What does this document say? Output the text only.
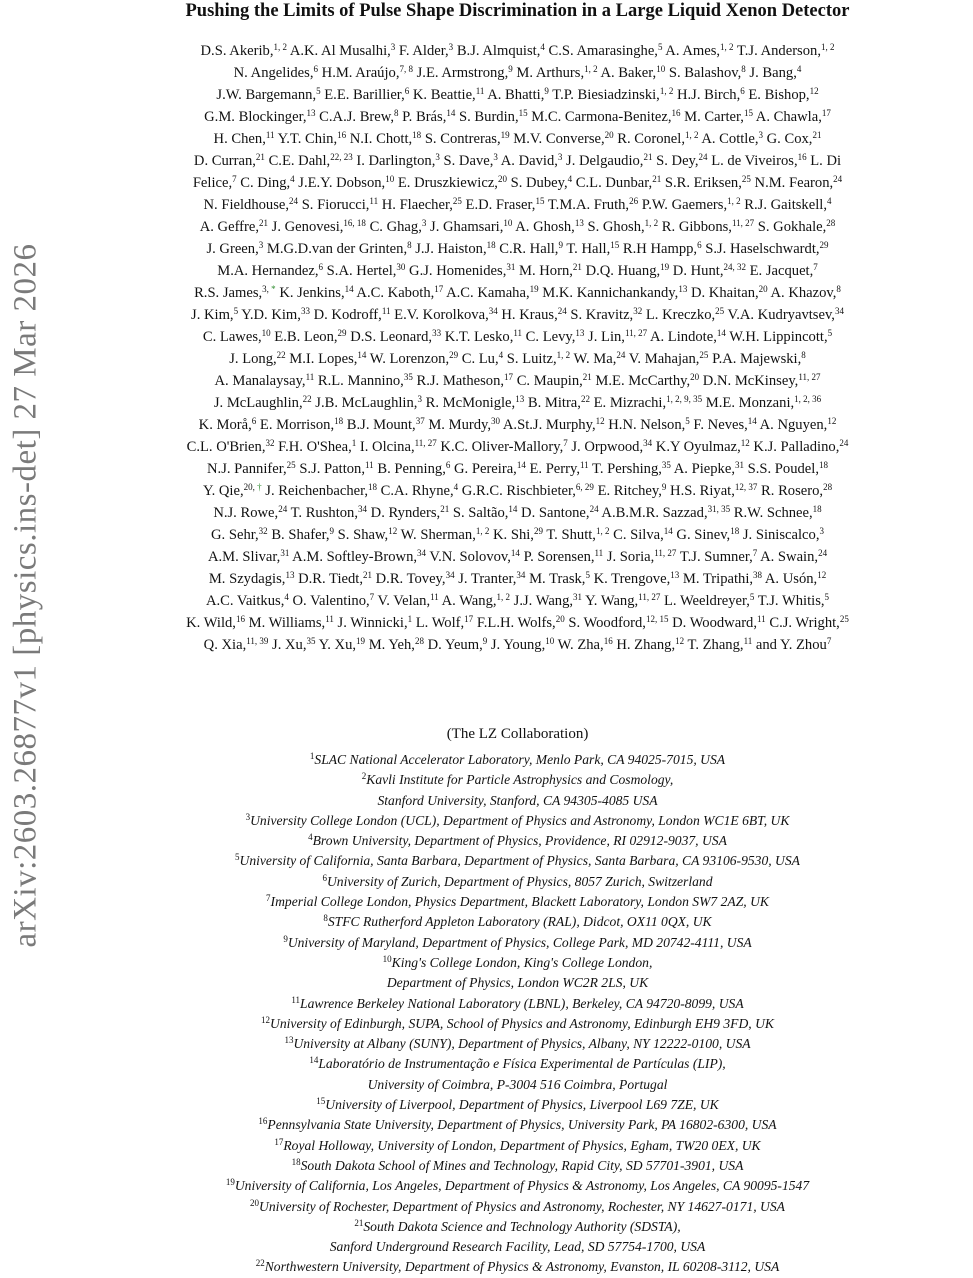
arXiv:2603.26877v1 [physics.ins-det] 27 Mar 2026
Pushing the Limits of Pulse Shape Discrimination in a Large Liquid Xenon Detector
D.S. Akerib,$^{1, 2}$ A.K. Al Musalhi,$^3$ F. Alder,$^3$ B.J. Almquist,$^4$ C.S. Amarasinghe,$^5$ A. Ames,$^{1, 2}$ T.J. Anderson,$^{1, 2}$
N. Angelides,$^6$ H.M. Araújo,$^{7, 8}$ J.E. Armstrong,$^9$ M. Arthurs,$^{1, 2}$ A. Baker,$^{10}$ S. Balashov,$^8$ J. Bang,$^4$
J.W. Bargemann,$^5$ E.E. Barillier,$^6$ K. Beattie,$^{11}$ A. Bhatti,$^9$ T.P. Biesiadzinski,$^{1, 2}$ H.J. Birch,$^6$ E. Bishop,$^{12}$
G.M. Blockinger,$^{13}$ C.A.J. Brew,$^8$ P. Brás,$^{14}$ S. Burdin,$^{15}$ M.C. Carmona-Benitez,$^{16}$ M. Carter,$^{15}$ A. Chawla,$^{17}$
H. Chen,$^{11}$ Y.T. Chin,$^{16}$ N.I. Chott,$^{18}$ S. Contreras,$^{19}$ M.V. Converse,$^{20}$ R. Coronel,$^{1, 2}$ A. Cottle,$^3$ G. Cox,$^{21}$
D. Curran,$^{21}$ C.E. Dahl,$^{22, 23}$ I. Darlington,$^3$ S. Dave,$^3$ A. David,$^3$ J. Delgaudio,$^{21}$ S. Dey,$^{24}$ L. de Viveiros,$^{16}$ L. Di
Felice,$^7$ C. Ding,$^4$ J.E.Y. Dobson,$^{10}$ E. Druszkiewicz,$^{20}$ S. Dubey,$^4$ C.L. Dunbar,$^{21}$ S.R. Eriksen,$^{25}$ N.M. Fearon,$^{24}$
N. Fieldhouse,$^{24}$ S. Fiorucci,$^{11}$ H. Flaecher,$^{25}$ E.D. Fraser,$^{15}$ T.M.A. Fruth,$^{26}$ P.W. Gaemers,$^{1, 2}$ R.J. Gaitskell,$^4$
A. Geffre,$^{21}$ J. Genovesi,$^{16, 18}$ C. Ghag,$^3$ J. Ghamsari,$^{10}$ A. Ghosh,$^{13}$ S. Ghosh,$^{1, 2}$ R. Gibbons,$^{11, 27}$ S. Gokhale,$^{28}$
J. Green,$^3$ M.G.D.van der Grinten,$^8$ J.J. Haiston,$^{18}$ C.R. Hall,$^9$ T. Hall,$^{15}$ R.H Hampp,$^6$ S.J. Haselschwardt,$^{29}$
M.A. Hernandez,$^6$ S.A. Hertel,$^{30}$ G.J. Homenides,$^{31}$ M. Horn,$^{21}$ D.Q. Huang,$^{19}$ D. Hunt,$^{24, 32}$ E. Jacquet,$^7$
R.S. James,$^{3, *}$ K. Jenkins,$^{14}$ A.C. Kaboth,$^{17}$ A.C. Kamaha,$^{19}$ M.K. Kannichankandy,$^{13}$ D. Khaitan,$^{20}$ A. Khazov,$^8$
J. Kim,$^5$ Y.D. Kim,$^{33}$ D. Kodroff,$^{11}$ E.V. Korolkova,$^{34}$ H. Kraus,$^{24}$ S. Kravitz,$^{32}$ L. Kreczko,$^{25}$ V.A. Kudryavtsev,$^{34}$
C. Lawes,$^{10}$ E.B. Leon,$^{29}$ D.S. Leonard,$^{33}$ K.T. Lesko,$^{11}$ C. Levy,$^{13}$ J. Lin,$^{11, 27}$ A. Lindote,$^{14}$ W.H. Lippincott,$^5$
J. Long,$^{22}$ M.I. Lopes,$^{14}$ W. Lorenzon,$^{29}$ C. Lu,$^4$ S. Luitz,$^{1, 2}$ W. Ma,$^{24}$ V. Mahajan,$^{25}$ P.A. Majewski,$^8$
A. Manalaysay,$^{11}$ R.L. Mannino,$^{35}$ R.J. Matheson,$^{17}$ C. Maupin,$^{21}$ M.E. McCarthy,$^{20}$ D.N. McKinsey,$^{11, 27}$
J. McLaughlin,$^{22}$ J.B. McLaughlin,$^3$ R. McMonigle,$^{13}$ B. Mitra,$^{22}$ E. Mizrachi,$^{1, 2, 9, 35}$ M.E. Monzani,$^{1, 2, 36}$
K. Morå,$^6$ E. Morrison,$^{18}$ B.J. Mount,$^{37}$ M. Murdy,$^{30}$ A.St.J. Murphy,$^{12}$ H.N. Nelson,$^5$ F. Neves,$^{14}$ A. Nguyen,$^{12}$
C.L. O'Brien,$^{32}$ F.H. O'Shea,$^1$ I. Olcina,$^{11, 27}$ K.C. Oliver-Mallory,$^7$ J. Orpwood,$^{34}$ K.Y Oyulmaz,$^{12}$ K.J. Palladino,$^{24}$
N.J. Pannifer,$^{25}$ S.J. Patton,$^{11}$ B. Penning,$^6$ G. Pereira,$^{14}$ E. Perry,$^{11}$ T. Pershing,$^{35}$ A. Piepke,$^{31}$ S.S. Poudel,$^{18}$
Y. Qie,$^{20, \dagger}$ J. Reichenbacher,$^{18}$ C.A. Rhyne,$^4$ G.R.C. Rischbieter,$^{6, 29}$ E. Ritchey,$^9$ H.S. Riyat,$^{12, 37}$ R. Rosero,$^{28}$
N.J. Rowe,$^{24}$ T. Rushton,$^{34}$ D. Rynders,$^{21}$ S. Saltão,$^{14}$ D. Santone,$^{24}$ A.B.M.R. Sazzad,$^{31, 35}$ R.W. Schnee,$^{18}$
G. Sehr,$^{32}$ B. Shafer,$^9$ S. Shaw,$^{12}$ W. Sherman,$^{1, 2}$ K. Shi,$^{29}$ T. Shutt,$^{1, 2}$ C. Silva,$^{14}$ G. Sinev,$^{18}$ J. Siniscalco,$^3$
A.M. Slivar,$^{31}$ A.M. Softley-Brown,$^{34}$ V.N. Solovov,$^{14}$ P. Sorensen,$^{11}$ J. Soria,$^{11, 27}$ T.J. Sumner,$^7$ A. Swain,$^{24}$
M. Szydagis,$^{13}$ D.R. Tiedt,$^{21}$ D.R. Tovey,$^{34}$ J. Tranter,$^{34}$ M. Trask,$^5$ K. Trengove,$^{13}$ M. Tripathi,$^{38}$ A. Usón,$^{12}$
A.C. Vaitkus,$^4$ O. Valentino,$^7$ V. Velan,$^{11}$ A. Wang,$^{1, 2}$ J.J. Wang,$^{31}$ Y. Wang,$^{11, 27}$ L. Weeldreyer,$^5$ T.J. Whitis,$^5$
K. Wild,$^{16}$ M. Williams,$^{11}$ J. Winnicki,$^1$ L. Wolf,$^{17}$ F.L.H. Wolfs,$^{20}$ S. Woodford,$^{12, 15}$ D. Woodward,$^{11}$ C.J. Wright,$^{25}$
Q. Xia,$^{11, 39}$ J. Xu,$^{35}$ Y. Xu,$^{19}$ M. Yeh,$^{28}$ D. Yeum,$^9$ J. Young,$^{10}$ W. Zha,$^{16}$ H. Zhang,$^{12}$ T. Zhang,$^{11}$ and Y. Zhou$^7$
(The LZ Collaboration)
$^1$SLAC National Accelerator Laboratory, Menlo Park, CA 94025-7015, USA
$^2$Kavli Institute for Particle Astrophysics and Cosmology,
Stanford University, Stanford, CA 94305-4085 USA
$^3$University College London (UCL), Department of Physics and Astronomy, London WC1E 6BT, UK
$^4$Brown University, Department of Physics, Providence, RI 02912-9037, USA
$^5$University of California, Santa Barbara, Department of Physics, Santa Barbara, CA 93106-9530, USA
$^6$University of Zurich, Department of Physics, 8057 Zurich, Switzerland
$^7$Imperial College London, Physics Department, Blackett Laboratory, London SW7 2AZ, UK
$^8$STFC Rutherford Appleton Laboratory (RAL), Didcot, OX11 0QX, UK
$^9$University of Maryland, Department of Physics, College Park, MD 20742-4111, USA
$^{10}$King's College London, King's College London,
Department of Physics, London WC2R 2LS, UK
$^{11}$Lawrence Berkeley National Laboratory (LBNL), Berkeley, CA 94720-8099, USA
$^{12}$University of Edinburgh, SUPA, School of Physics and Astronomy, Edinburgh EH9 3FD, UK
$^{13}$University at Albany (SUNY), Department of Physics, Albany, NY 12222-0100, USA
$^{14}$Laboratório de Instrumentação e Física Experimental de Partículas (LIP),
University of Coimbra, P-3004 516 Coimbra, Portugal
$^{15}$University of Liverpool, Department of Physics, Liverpool L69 7ZE, UK
$^{16}$Pennsylvania State University, Department of Physics, University Park, PA 16802-6300, USA
$^{17}$Royal Holloway, University of London, Department of Physics, Egham, TW20 0EX, UK
$^{18}$South Dakota School of Mines and Technology, Rapid City, SD 57701-3901, USA
$^{19}$University of California, Los Angeles, Department of Physics & Astronomy, Los Angeles, CA 90095-1547
$^{20}$University of Rochester, Department of Physics and Astronomy, Rochester, NY 14627-0171, USA
$^{21}$South Dakota Science and Technology Authority (SDSTA),
Sanford Underground Research Facility, Lead, SD 57754-1700, USA
$^{22}$Northwestern University, Department of Physics & Astronomy, Evanston, IL 60208-3112, USA
